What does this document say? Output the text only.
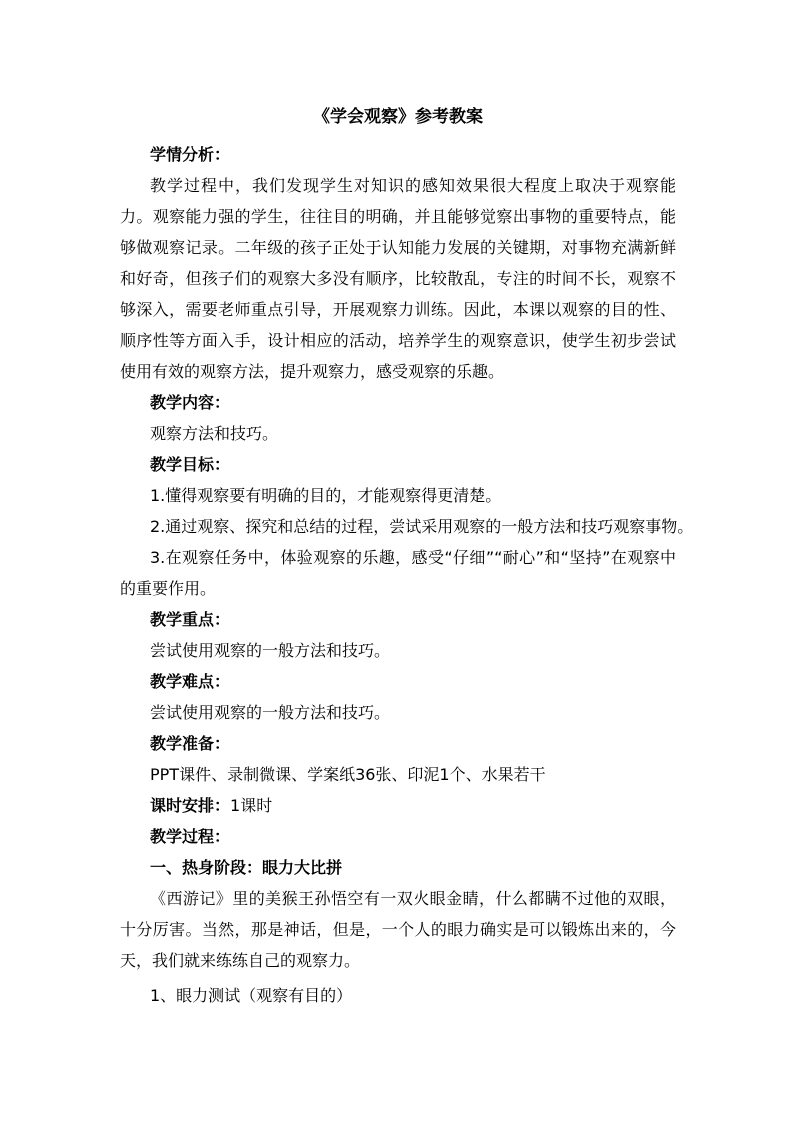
《学会观察》参考教案
学情分析：
教学过程中，我们发现学生对知识的感知效果很大程度上取决于观察能力。观察能力强的学生，往往目的明确，并且能够觉察出事物的重要特点，能够做观察记录。二年级的孩子正处于认知能力发展的关键期，对事物充满新鲜和好奇，但孩子们的观察大多没有顺序，比较散乱，专注的时间不长，观察不够深入，需要老师重点引导，开展观察力训练。因此，本课以观察的目的性、顺序性等方面入手，设计相应的活动，培养学生的观察意识，使学生初步尝试使用有效的观察方法，提升观察力，感受观察的乐趣。
教学内容：
观察方法和技巧。
教学目标：
1.懂得观察要有明确的目的，才能观察得更清楚。
2.通过观察、探究和总结的过程，尝试采用观察的一般方法和技巧观察事物。
3.在观察任务中，体验观察的乐趣，感受“仔细”“耐心”和“坚持”在观察中的重要作用。
教学重点：
尝试使用观察的一般方法和技巧。
教学难点：
尝试使用观察的一般方法和技巧。
教学准备：
PPT课件、录制微课、学案纸36张、印泥1个、水果若干
课时安排：1课时
教学过程：
一、热身阶段：眼力大比拼
《西游记》里的美猴王孙悟空有一双火眼金睛，什么都瞒不过他的双眼，十分厉害。当然，那是神话，但是，一个人的眼力确实是可以锻炼出来的，今天，我们就来练练自己的观察力。
1、眼力测试（观察有目的）
